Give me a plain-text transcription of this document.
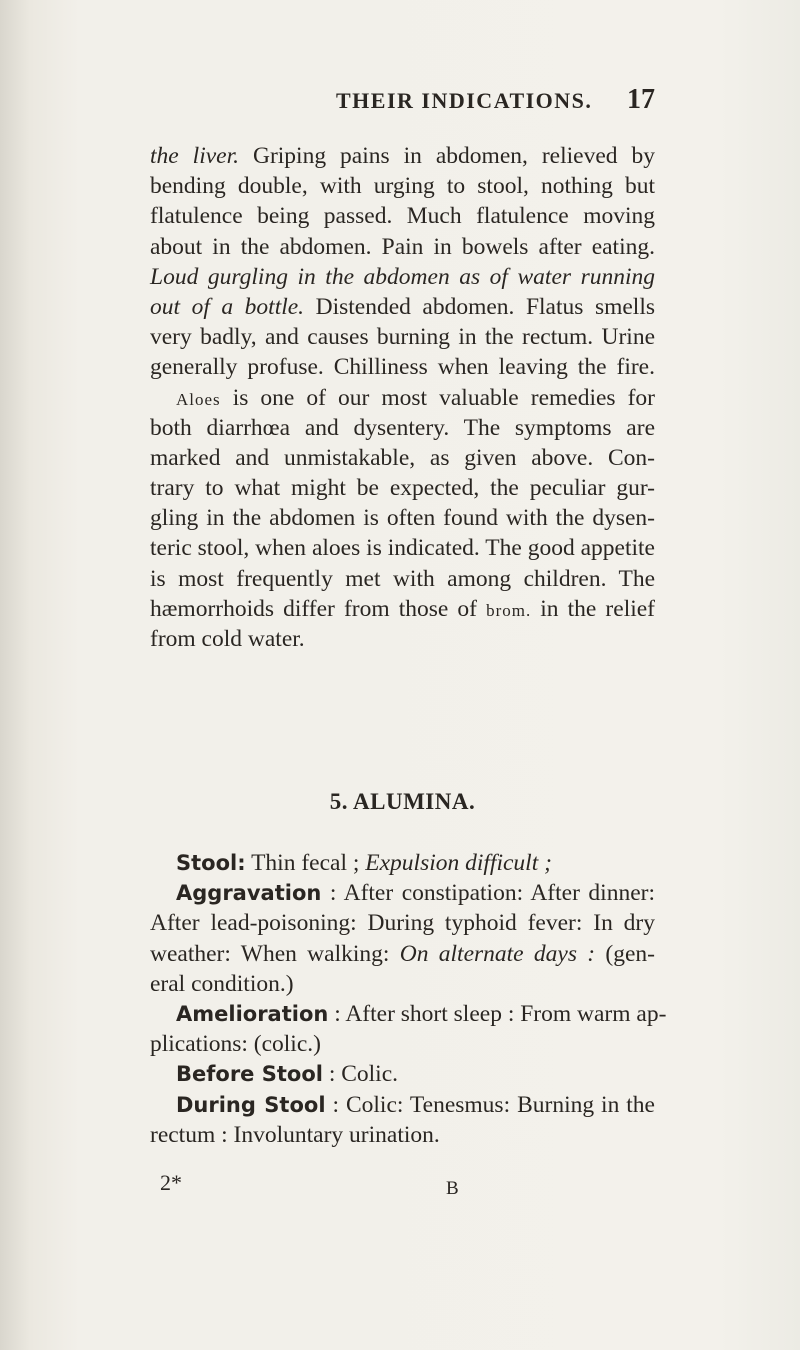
THEIR INDICATIONS. 17
the liver. Griping pains in abdomen, relieved by
bending double, with urging to stool, nothing but
flatulence being passed. Much flatulence moving
about in the abdomen. Pain in bowels after eating.
Loud gurgling in the abdomen as of water running
out of a bottle. Distended abdomen. Flatus smells
very badly, and causes burning in the rectum. Urine
generally profuse. Chilliness when leaving the fire.
Aloes is one of our most valuable remedies for
both diarrhœa and dysentery. The symptoms are
marked and unmistakable, as given above. Con-
trary to what might be expected, the peculiar gur-
gling in the abdomen is often found with the dysen-
teric stool, when aloes is indicated. The good appetite
is most frequently met with among children. The
hæmorrhoids differ from those of brom. in the relief
from cold water.
5. ALUMINA.
Stool: Thin fecal ; Expulsion difficult ;
Aggravation : After constipation: After dinner:
After lead-poisoning: During typhoid fever: In dry
weather: When walking: On alternate days : (gen-
eral condition.)
Amelioration : After short sleep : From warm ap-
plications: (colic.)
Before Stool : Colic.
During Stool : Colic: Tenesmus: Burning in the
rectum : Involuntary urination.
2*	B
